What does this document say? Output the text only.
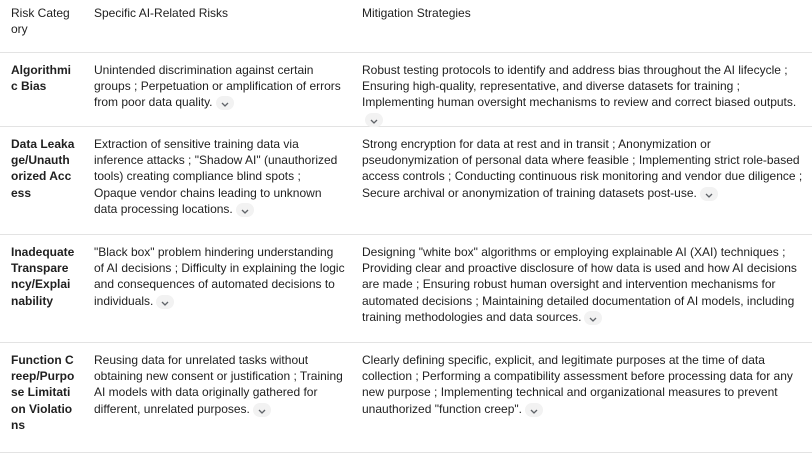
Risk Category
Specific AI-Related Risks	Mitigation Strategies
Algorithmic Bias
Unintended discrimination against certain groups ; Perpetuation or amplification of errors from poor data quality.
Robust testing protocols to identify and address bias throughout the AI lifecycle ; Ensuring high-quality, representative, and diverse datasets for training ; Implementing human oversight mechanisms to review and correct biased outputs.
Data Leakage/Unauthorized Access
Extraction of sensitive training data via inference attacks ; "Shadow AI" (unauthorized tools) creating compliance blind spots ; Opaque vendor chains leading to unknown data processing locations.
Strong encryption for data at rest and in transit ; Anonymization or pseudonymization of personal data where feasible ; Implementing strict role-based access controls ; Conducting continuous risk monitoring and vendor due diligence ; Secure archival or anonymization of training datasets post-use.
Inadequate Transparency/Explainability
"Black box" problem hindering understanding of AI decisions ; Difficulty in explaining the logic and consequences of automated decisions to individuals.
Designing "white box" algorithms or employing explainable AI (XAI) techniques ; Providing clear and proactive disclosure of how data is used and how AI decisions are made ; Ensuring robust human oversight and intervention mechanisms for automated decisions ; Maintaining detailed documentation of AI models, including training methodologies and data sources.
Function Creep/Purpose Limitation Violations
Reusing data for unrelated tasks without obtaining new consent or justification ; Training AI models with data originally gathered for different, unrelated purposes.
Clearly defining specific, explicit, and legitimate purposes at the time of data collection ; Performing a compatibility assessment before processing data for any new purpose ; Implementing technical and organizational measures to prevent unauthorized "function creep".
